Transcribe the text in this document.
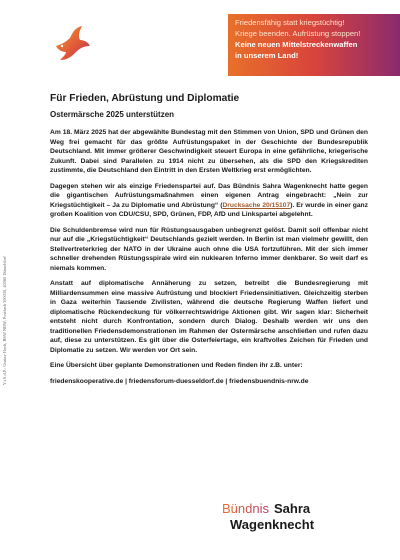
Friedensfähig statt kriegstüchtig!
Kriege beenden. Aufrüstung stoppen!
Keine neuen Mittelstreckenwaffen
in unserem Land!
V.i.S.d.P.: Gustav Hoch, BSW NRW, Postfach 300030, 40060 Düsseldorf
Für Frieden, Abrüstung und Diplomatie
Ostermärsche 2025 unterstützen

Am 18. März 2025 hat der abgewählte Bundestag mit den Stimmen von Union, SPD und Grünen den Weg frei gemacht für das größte Aufrüstungspaket in der Geschichte der Bundesrepublik Deutschland. Mit immer größerer Geschwindigkeit steuert Europa in eine gefährliche, kriegerische Zukunft. Dabei sind Parallelen zu 1914 nicht zu übersehen, als die SPD den Kriegskrediten zustimmte, die Deutschland den Eintritt in den Ersten Weltkrieg erst ermöglichten.

Dagegen stehen wir als einzige Friedenspartei auf. Das Bündnis Sahra Wagenknecht hatte gegen die gigantischen Aufrüstungsmaßnahmen einen eigenen Antrag eingebracht: „Nein zur Kriegstüchtigkeit – Ja zu Diplomatie und Abrüstung“ (Drucksache 20/15107). Er wurde in einer ganz großen Koalition von CDU/CSU, SPD, Grünen, FDP, AfD und Linkspartei abgelehnt.

Die Schuldenbremse wird nun für Rüstungsausgaben unbegrenzt gelöst. Damit soll offenbar nicht nur auf die „Kriegstüchtigkeit“ Deutschlands gezielt werden. In Berlin ist man vielmehr gewillt, den Stellvertreterkrieg der NATO in der Ukraine auch ohne die USA fortzuführen. Mit der sich immer schneller drehenden Rüstungsspirale wird ein nuklearen Inferno immer denkbarer. So weit darf es niemals kommen.

Anstatt auf diplomatische Annäherung zu setzen, betreibt die Bundesregierung mit Milliardensummen eine massive Aufrüstung und blockiert Friedensinitiativen. Gleichzeitig sterben in Gaza weiterhin Tausende Zivilisten, während die deutsche Regierung Waffen liefert und diplomatische Rückendeckung für völkerrechtswidrige Aktionen gibt. Wir sagen klar: Sicherheit entsteht nicht durch Konfrontation, sondern durch Dialog. Deshalb werden wir uns den traditionellen Friedensdemonstrationen im Rahmen der Ostermärsche anschließen und rufen dazu auf, diese zu unterstützen. Es gilt über die Osterfeiertage, ein kraftvolles Zeichen für Frieden und Diplomatie zu setzen. Wir werden vor Ort sein.

Eine Übersicht über geplante Demonstrationen und Reden finden ihr z.B. unter:

friedenskooperative.de | friedensforum-duesseldorf.de | friedensbuendnis-nrw.de
Bündnis Sahra
Wagenknecht
